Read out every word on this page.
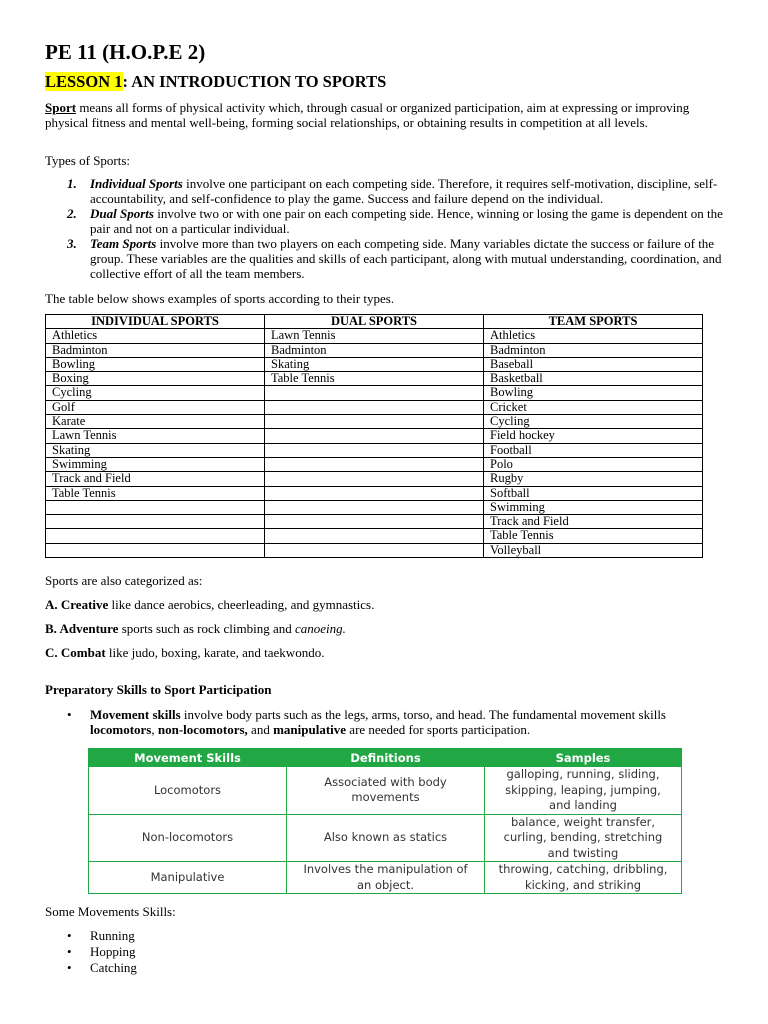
PE 11 (H.O.P.E 2)
LESSON 1: AN INTRODUCTION TO SPORTS

Sport means all forms of physical activity which, through casual or organized participation, aim at expressing or improving physical fitness and mental well-being, forming social relationships, or obtaining results in competition at all levels.

Types of Sports:

1. Individual Sports involve one participant on each competing side. Therefore, it requires self-motivation, discipline, self-accountability, and self-confidence to play the game. Success and failure depend on the individual.
2. Dual Sports involve two or with one pair on each competing side. Hence, winning or losing the game is dependent on the pair and not on a particular individual.
3. Team Sports involve more than two players on each competing side. Many variables dictate the success or failure of the group. These variables are the qualities and skills of each participant, along with mutual understanding, coordination, and collective effort of all the team members.

The table below shows examples of sports according to their types.

INDIVIDUAL SPORTS	DUAL SPORTS	TEAM SPORTS
Athletics	Lawn Tennis	Athletics
Badminton	Badminton	Badminton
Bowling	Skating	Baseball
Boxing	Table Tennis	Basketball
Cycling		Bowling
Golf		Cricket
Karate		Cycling
Lawn Tennis		Field hockey
Skating		Football
Swimming		Polo
Track and Field		Rugby
Table Tennis		Softball
		Swimming
		Track and Field
		Table Tennis
		Volleyball

Sports are also categorized as:

A. Creative like dance aerobics, cheerleading, and gymnastics.

B. Adventure sports such as rock climbing and canoeing.

C. Combat like judo, boxing, karate, and taekwondo.

Preparatory Skills to Sport Participation

• Movement skills involve body parts such as the legs, arms, torso, and head. The fundamental movement skills locomotors, non-locomotors, and manipulative are needed for sports participation.
Movement Skills	Definitions	Samples
Locomotors	Associated with body movements	galloping, running, sliding, skipping, leaping, jumping, and landing
Non-locomotors	Also known as statics	balance, weight transfer, curling, bending, stretching and twisting
Manipulative	Involves the manipulation of an object.	throwing, catching, dribbling, kicking, and striking

Some Movements Skills:

• Running
• Hopping
• Catching
